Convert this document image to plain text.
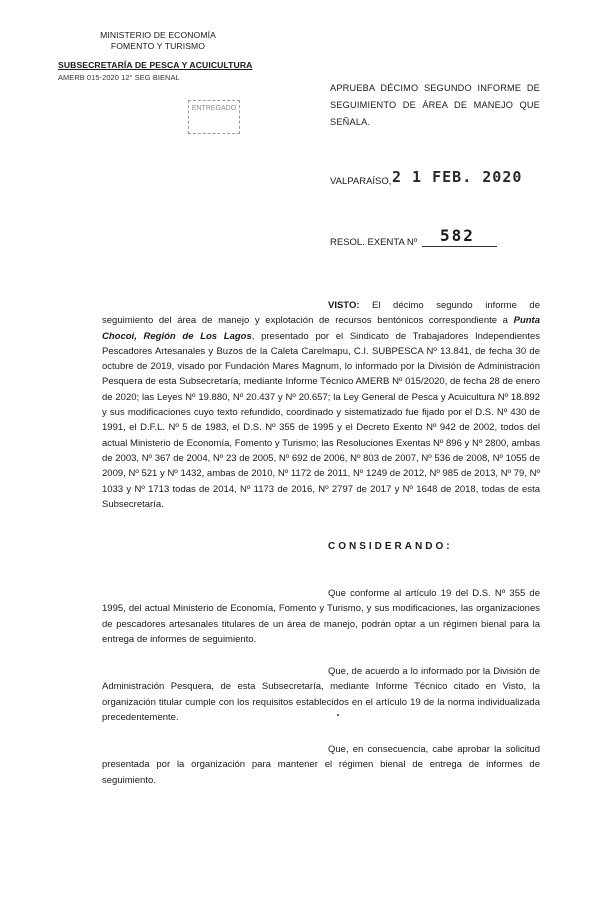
MINISTERIO DE ECONOMÍA
FOMENTO Y TURISMO
SUBSECRETARÍA DE PESCA Y ACUICULTURA
AMERB 015-2020 12° SEG BIENAL
ENTREGADO
APRUEBA DÉCIMO SEGUNDO INFORME DE SEGUIMIENTO DE ÁREA DE MANEJO QUE SEÑALA.
VALPARAÍSO, 2 1 FEB. 2020
RESOL. EXENTA Nº 582
VISTO: El décimo segundo informe de seguimiento del área de manejo y explotación de recursos bentónicos correspondiente a Punta Chocoi, Región de Los Lagos, presentado por el Sindicato de Trabajadores Independientes Pescadores Artesanales y Buzos de la Caleta Carelmapu, C.I. SUBPESCA Nº 13.841, de fecha 30 de octubre de 2019, visado por Fundación Mares Magnum, lo informado por la División de Administración Pesquera de esta Subsecretaría, mediante Informe Técnico AMERB Nº 015/2020, de fecha 28 de enero de 2020; las Leyes Nº 19.880, Nº 20.437 y Nº 20.657; la Ley General de Pesca y Acuicultura Nº 18.892 y sus modificaciones cuyo texto refundido, coordinado y sistematizado fue fijado por el D.S. Nº 430 de 1991, el D.F.L. Nº 5 de 1983, el D.S. Nº 355 de 1995 y el Decreto Exento Nº 942 de 2002, todos del actual Ministerio de Economía, Fomento y Turismo; las Resoluciones Exentas Nº 896 y Nº 2800, ambas de 2003, Nº 367 de 2004, Nº 23 de 2005, Nº 692 de 2006, Nº 803 de 2007, Nº 536 de 2008, Nº 1055 de 2009, Nº 521 y Nº 1432, ambas de 2010, Nº 1172 de 2011, Nº 1249 de 2012, Nº 985 de 2013, Nº 79, Nº 1033 y Nº 1713 todas de 2014, Nº 1173 de 2016, Nº 2797 de 2017 y Nº 1648 de 2018, todas de esta Subsecretaría.
CONSIDERANDO:
Que conforme al artículo 19 del D.S. Nº 355 de 1995, del actual Ministerio de Economía, Fomento y Turismo, y sus modificaciones, las organizaciones de pescadores artesanales titulares de un área de manejo, podrán optar a un régimen bienal para la entrega de informes de seguimiento.
Que, de acuerdo a lo informado por la División de Administración Pesquera, de esta Subsecretaría, mediante Informe Técnico citado en Visto, la organización titular cumple con los requisitos establecidos en el artículo 19 de la norma individualizada precedentemente.
Que, en consecuencia, cabe aprobar la solicitud presentada por la organización para mantener el régimen bienal de entrega de informes de seguimiento.
